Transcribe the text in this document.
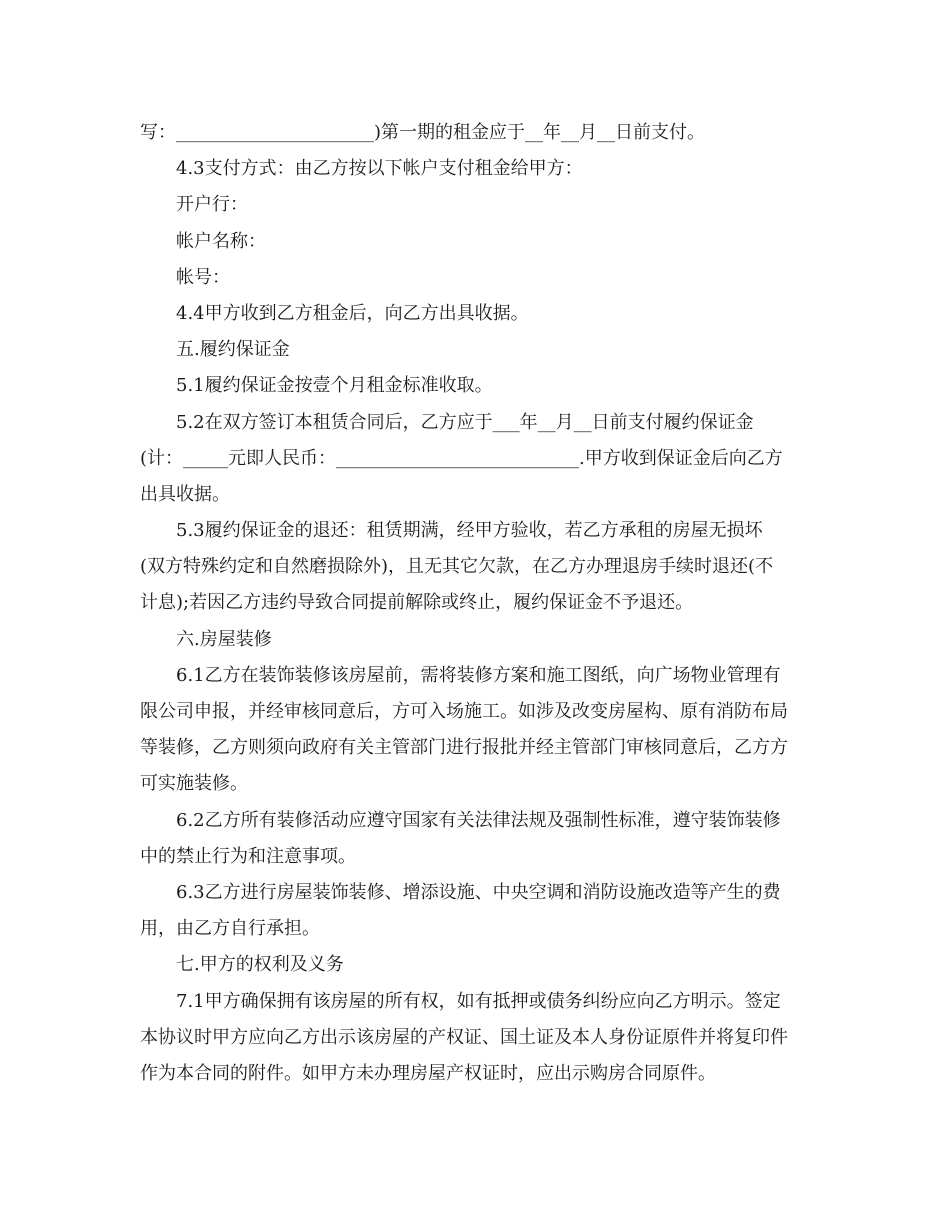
写：______________________)第一期的租金应于__年__月__日前支付。
4.3支付方式：由乙方按以下帐户支付租金给甲方：
开户行：
帐户名称：
帐号：
4.4甲方收到乙方租金后，向乙方出具收据。
五.履约保证金
5.1履约保证金按壹个月租金标准收取。
5.2在双方签订本租赁合同后，乙方应于___年__月__日前支付履约保证金
(计：_____元即人民币：___________________________.甲方收到保证金后向乙方
出具收据。
5.3履约保证金的退还：租赁期满，经甲方验收，若乙方承租的房屋无损坏
(双方特殊约定和自然磨损除外)，且无其它欠款，在乙方办理退房手续时退还(不
计息);若因乙方违约导致合同提前解除或终止，履约保证金不予退还。
六.房屋装修
6.1乙方在装饰装修该房屋前，需将装修方案和施工图纸，向广场物业管理有
限公司申报，并经审核同意后，方可入场施工。如涉及改变房屋构、原有消防布局
等装修，乙方则须向政府有关主管部门进行报批并经主管部门审核同意后，乙方方
可实施装修。
6.2乙方所有装修活动应遵守国家有关法律法规及强制性标准，遵守装饰装修
中的禁止行为和注意事项。
6.3乙方进行房屋装饰装修、增添设施、中央空调和消防设施改造等产生的费
用，由乙方自行承担。
七.甲方的权利及义务
7.1甲方确保拥有该房屋的所有权，如有抵押或债务纠纷应向乙方明示。签定
本协议时甲方应向乙方出示该房屋的产权证、国土证及本人身份证原件并将复印件
作为本合同的附件。如甲方未办理房屋产权证时，应出示购房合同原件。
